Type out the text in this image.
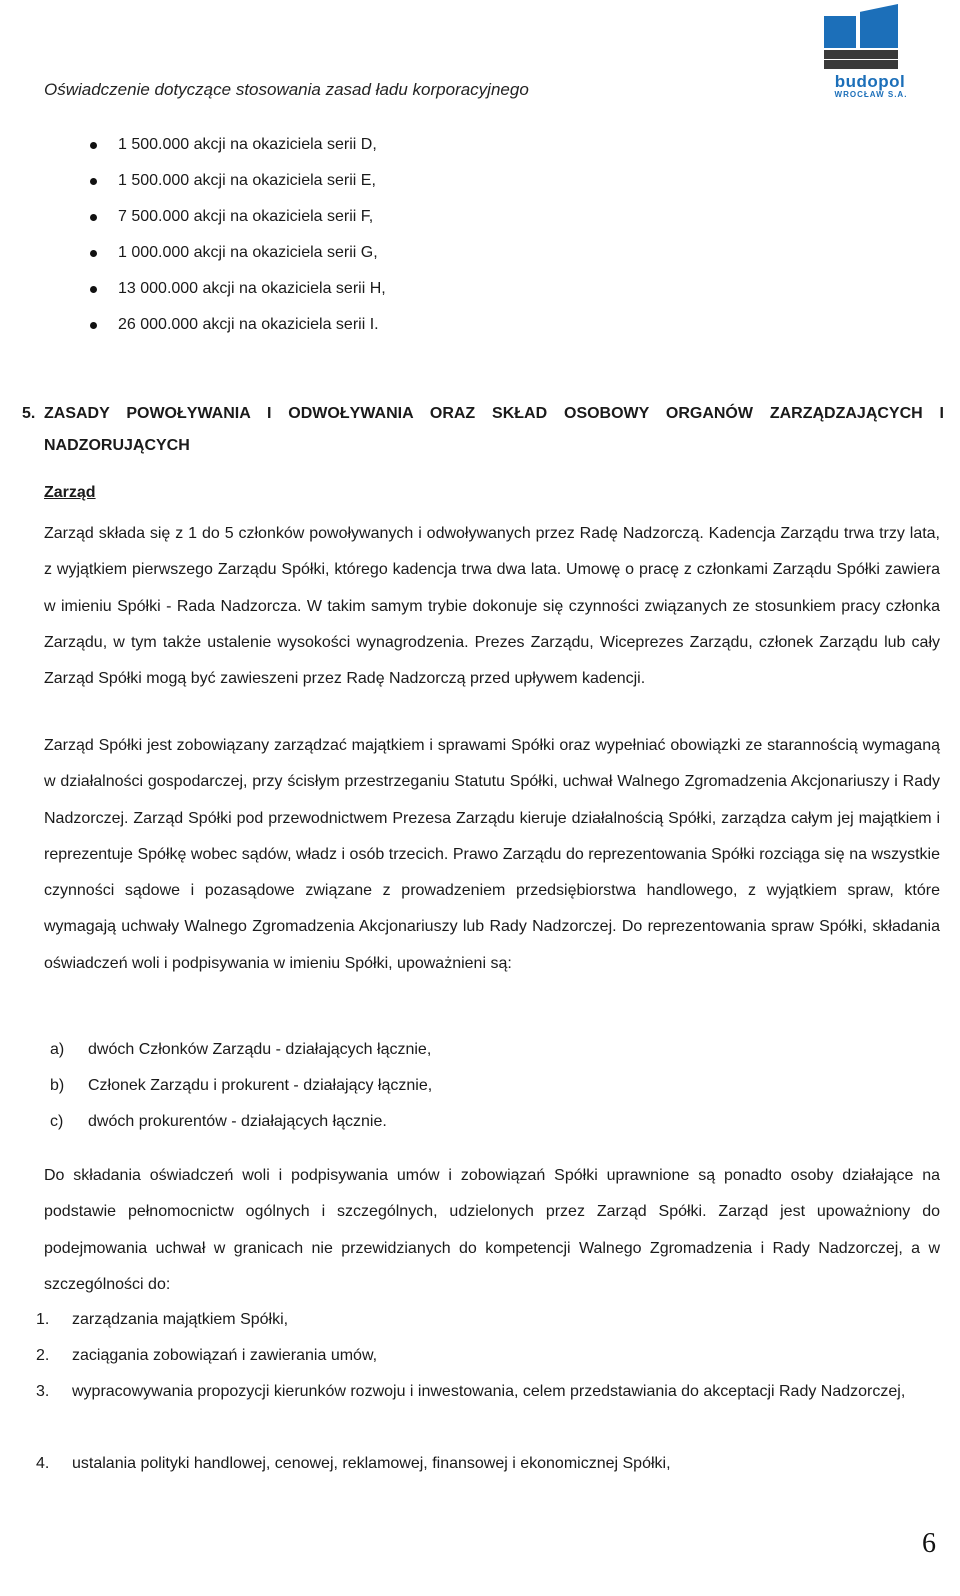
Oświadczenie dotyczące stosowania zasad ładu korporacyjnego	budopol
WROCŁAW S.A.
1 500.000 akcji na okaziciela serii D,
1 500.000 akcji na okaziciela serii E,
7 500.000 akcji na okaziciela serii F,
1 000.000 akcji na okaziciela serii G,
13 000.000 akcji na okaziciela serii H,
26 000.000 akcji na okaziciela serii I.
5. ZASADY POWOŁYWANIA I ODWOŁYWANIA ORAZ SKŁAD OSOBOWY ORGANÓW ZARZĄDZAJĄCYCH I NADZORUJĄCYCH
Zarząd
Zarząd składa się z 1 do 5 członków powoływanych i odwoływanych przez Radę Nadzorczą. Kadencja Zarządu trwa trzy lata, z wyjątkiem pierwszego Zarządu Spółki, którego kadencja trwa dwa lata. Umowę o pracę z członkami Zarządu Spółki zawiera w imieniu Spółki - Rada Nadzorcza. W takim samym trybie dokonuje się czynności związanych ze stosunkiem pracy członka Zarządu, w tym także ustalenie wysokości wynagrodzenia. Prezes Zarządu, Wiceprezes Zarządu, członek Zarządu lub cały Zarząd Spółki mogą być zawieszeni przez Radę Nadzorczą przed upływem kadencji.
Zarząd Spółki jest zobowiązany zarządzać majątkiem i sprawami Spółki oraz wypełniać obowiązki ze starannością wymaganą w działalności gospodarczej, przy ścisłym przestrzeganiu Statutu Spółki, uchwał Walnego Zgromadzenia Akcjonariuszy i Rady Nadzorczej. Zarząd Spółki pod przewodnictwem Prezesa Zarządu kieruje działalnością Spółki, zarządza całym jej majątkiem i reprezentuje Spółkę wobec sądów, władz i osób trzecich. Prawo Zarządu do reprezentowania Spółki rozciąga się na wszystkie czynności sądowe i pozasądowe związane z prowadzeniem przedsiębiorstwa handlowego, z wyjątkiem spraw, które wymagają uchwały Walnego Zgromadzenia Akcjonariuszy lub Rady Nadzorczej. Do reprezentowania spraw Spółki, składania oświadczeń woli i podpisywania w imieniu Spółki, upoważnieni są:
a) dwóch Członków Zarządu - działających łącznie,
b) Członek Zarządu i prokurent - działający łącznie,
c) dwóch prokurentów - działających łącznie.
Do składania oświadczeń woli i podpisywania umów i zobowiązań Spółki uprawnione są ponadto osoby działające na podstawie pełnomocnictw ogólnych i szczególnych, udzielonych przez Zarząd Spółki. Zarząd jest upoważniony do podejmowania uchwał w granicach nie przewidzianych do kompetencji Walnego Zgromadzenia i Rady Nadzorczej, a w szczególności do:
1. zarządzania majątkiem Spółki,
2. zaciągania zobowiązań i zawierania umów,
3. wypracowywania propozycji kierunków rozwoju i inwestowania, celem przedstawiania do akceptacji Rady Nadzorczej,
4. ustalania polityki handlowej, cenowej, reklamowej, finansowej i ekonomicznej Spółki,
6
